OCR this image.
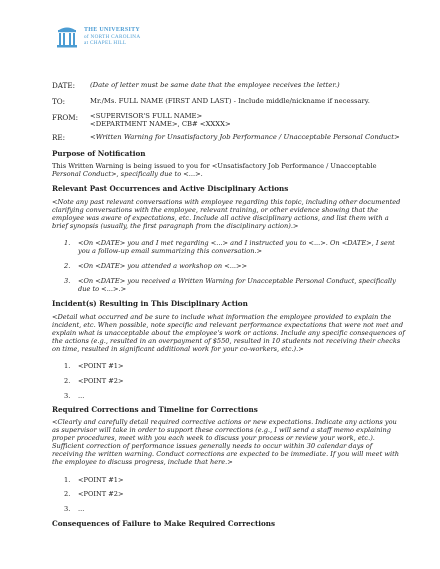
THE UNIVERSITY
of NORTH CAROLINA
at CHAPEL HILL
DATE: (Date of letter must be same date that the employee receives the letter.)
TO:	Mr./Ms. FULL NAME (FIRST AND LAST) - Include middle/nickname if necessary.
FROM: <SUPERVISOR'S FULL NAME>
<DEPARTMENT NAME>, CB# <XXXX>
RE:	<Written Warning for Unsatisfactory Job Performance / Unacceptable Personal Conduct>
Purpose of Notification
This Written Warning is being issued to you for <Unsatisfactory Job Performance / Unacceptable
Personal Conduct>, specifically due to <...>.
Relevant Past Occurrences and Active Disciplinary Actions
<Note any past relevant conversations with employee regarding this topic, including other documented
clarifying conversations with the employee, relevant training, or other evidence showing that the
employee was aware of expectations, etc. Include all active disciplinary actions, and list them with a
brief synopsis (usually, the first paragraph from the disciplinary action).>
1. <On <DATE> you and I met regarding <...> and I instructed you to <...>. On <DATE>, I sent
you a follow-up email summarizing this conversation.>
2. <On <DATE> you attended a workshop on <...>>
3. <On <DATE> you received a Written Warning for Unacceptable Personal Conduct, specifically
due to <...>.>
Incident(s) Resulting in This Disciplinary Action
<Detail what occurred and be sure to include what information the employee provided to explain the
incident, etc. When possible, note specific and relevant performance expectations that were not met and
explain what is unacceptable about the employee's work or actions. Include any specific consequences of
the actions (e.g., resulted in an overpayment of $550, resulted in 10 students not receiving their checks
on time, resulted in significant additional work for your co-workers, etc.).>
1. <POINT #1>
2. <POINT #2>
3. ...
Required Corrections and Timeline for Corrections
<Clearly and carefully detail required corrective actions or new expectations. Indicate any actions you
as supervisor will take in order to support these corrections (e.g., I will send a staff memo explaining
proper procedures, meet with you each week to discuss your process or review your work, etc.).
Sufficient correction of performance issues generally needs to occur within 30 calendar days of
receiving the written warning. Conduct corrections are expected to be immediate. If you will meet with
the employee to discuss progress, include that here.>
1. <POINT #1>
2. <POINT #2>
3. ...
Consequences of Failure to Make Required Corrections
